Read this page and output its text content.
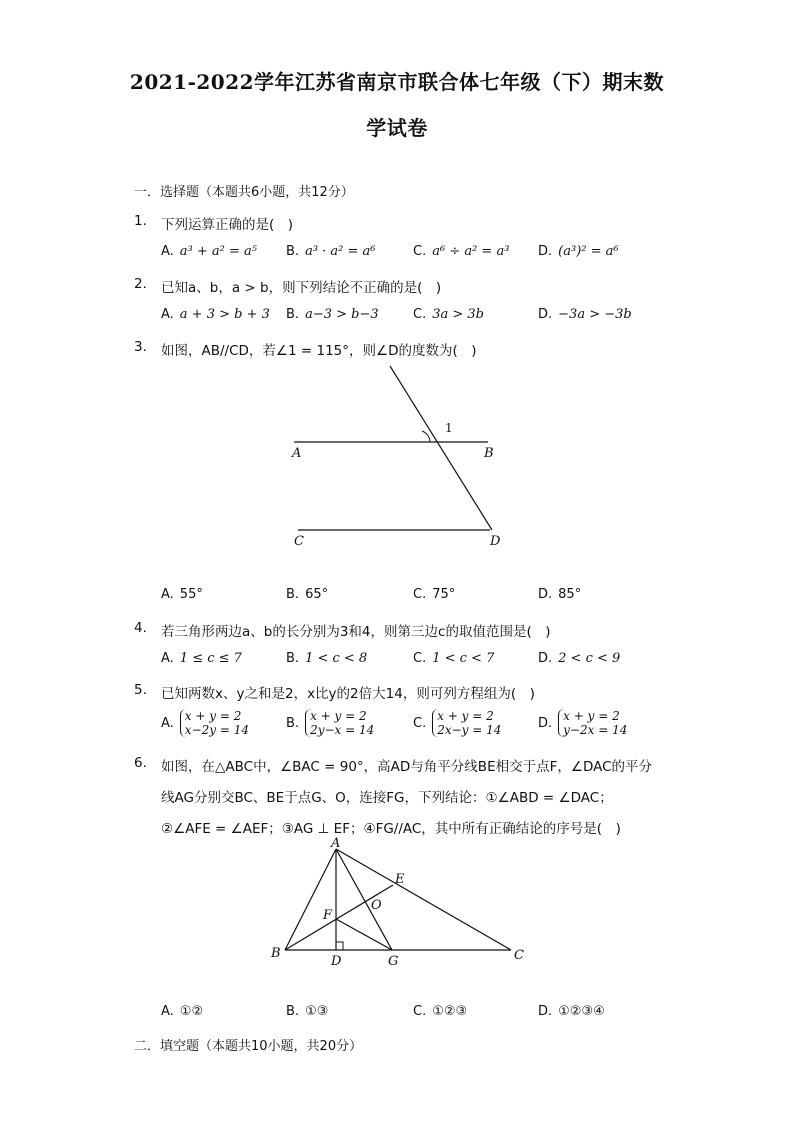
2021-2022学年江苏省南京市联合体七年级（下）期末数
学试卷
一．选择题（本题共6小题，共12分）
1.	下列运算正确的是(　)
A. a³ + a² = a⁵ B. a³ · a² = a⁶	C. a⁶ ÷ a² = a³ D. (a³)² = a⁶
2.	已知a、b，a > b，则下列结论不正确的是(　)
A. a + 3 > b + 3 B. a−3 > b−3	C. 3a > 3b	D. −3a > −3b
3.	如图，AB//CD，若∠1 = 115°，则∠D的度数为(　)
1
A	B
C	D
A. 55°	B. 65°	C. 75°	D. 85°
4.	若三角形两边a、b的长分别为3和4，则第三边c的取值范围是(　)
A. 1 ≤ c ≤ 7	B. 1 < c < 8	C. 1 < c < 7	D. 2 < c < 9
5.	已知两数x、y之和是2，x比y的2倍大14，则可列方程组为(　)
A. x + y = 2
x−2y = 14	B. x + y = 2
2y−x = 14	C. x + y = 2
2x−y = 14	D. x + y = 2
y−2x = 14
6.	如图，在△ABC中，∠BAC = 90°，高AD与角平分线BE相交于点F，∠DAC的平分
线AG分别交BC、BE于点G、O，连接FG，下列结论：①∠ABD = ∠DAC；
②∠AFE = ∠AEF；③AG ⊥ EF；④FG//AC，其中所有正确结论的序号是(　)
A
B	C
D
E
F
G
O
A. ①②	B. ①③	C. ①②③	D. ①②③④
二．填空题（本题共10小题，共20分）
